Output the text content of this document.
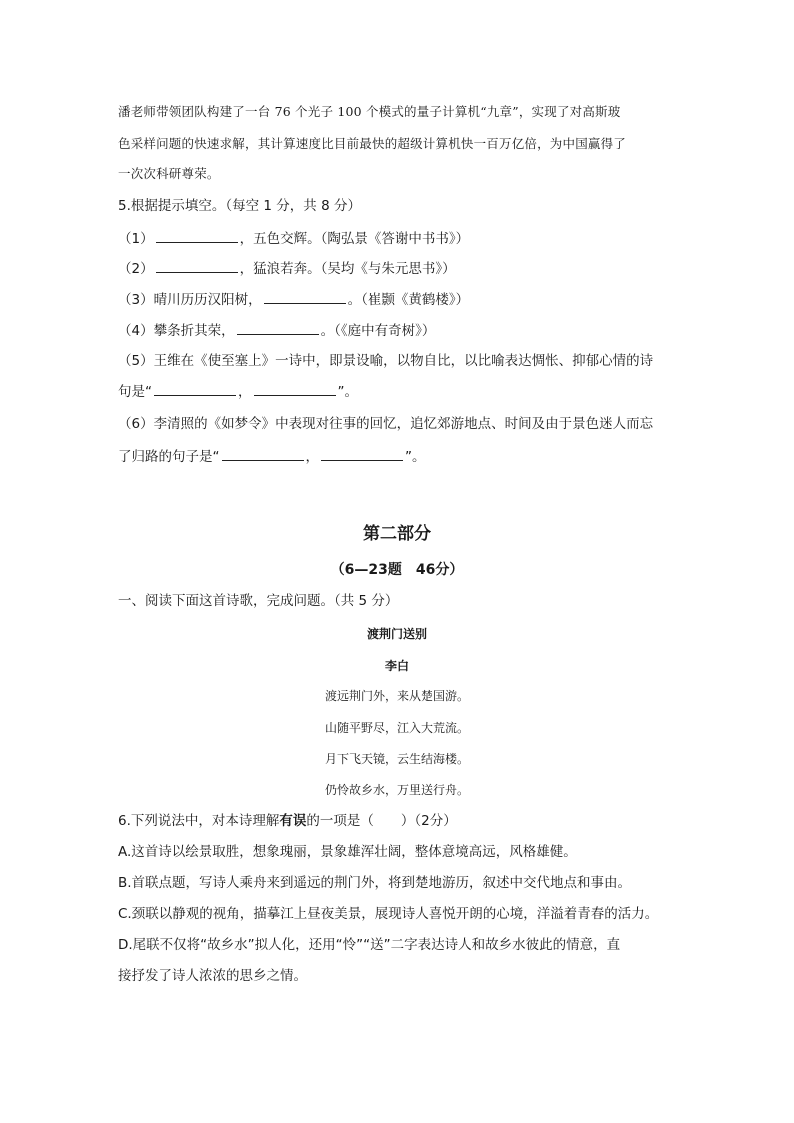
潘老师带领团队构建了一台 76 个光子 100 个模式的量子计算机“九章”，实现了对高斯玻
色采样问题的快速求解，其计算速度比目前最快的超级计算机快一百万亿倍，为中国赢得了
一次次科研尊荣。
5.根据提示填空。（每空 1 分，共 8 分）
（1）	，五色交辉。（陶弘景《答谢中书书》）
（2）	，猛浪若奔。（吴均《与朱元思书》）
（3）晴川历历汉阳树，	。（崔颢《黄鹤楼》）
（4）攀条折其荣，	。（《庭中有奇树》）
（5）王维在《使至塞上》一诗中，即景设喻，以物自比，以比喻表达惆怅、抑郁心情的诗
句是“	，	”。
（6）李清照的《如梦令》中表现对往事的回忆，追忆郊游地点、时间及由于景色迷人而忘
了归路的句子是“	，	”。
第二部分
（6—23题　46分）
一、阅读下面这首诗歌，完成问题。（共 5 分）
渡荆门送别
李白
渡远荆门外，来从楚国游。
山随平野尽，江入大荒流。
月下飞天镜，云生结海楼。
仍怜故乡水，万里送行舟。
6.下列说法中，对本诗理解有误的一项是（　　）（2分）
A.这首诗以绘景取胜，想象瑰丽，景象雄浑壮阔，整体意境高远，风格雄健。
B.首联点题，写诗人乘舟来到遥远的荆门外，将到楚地游历，叙述中交代地点和事由。
C.颈联以静观的视角，描摹江上昼夜美景，展现诗人喜悦开朗的心境，洋溢着青春的活力。
D.尾联不仅将“故乡水”拟人化，还用“怜”“送”二字表达诗人和故乡水彼此的情意，直
接抒发了诗人浓浓的思乡之情。
